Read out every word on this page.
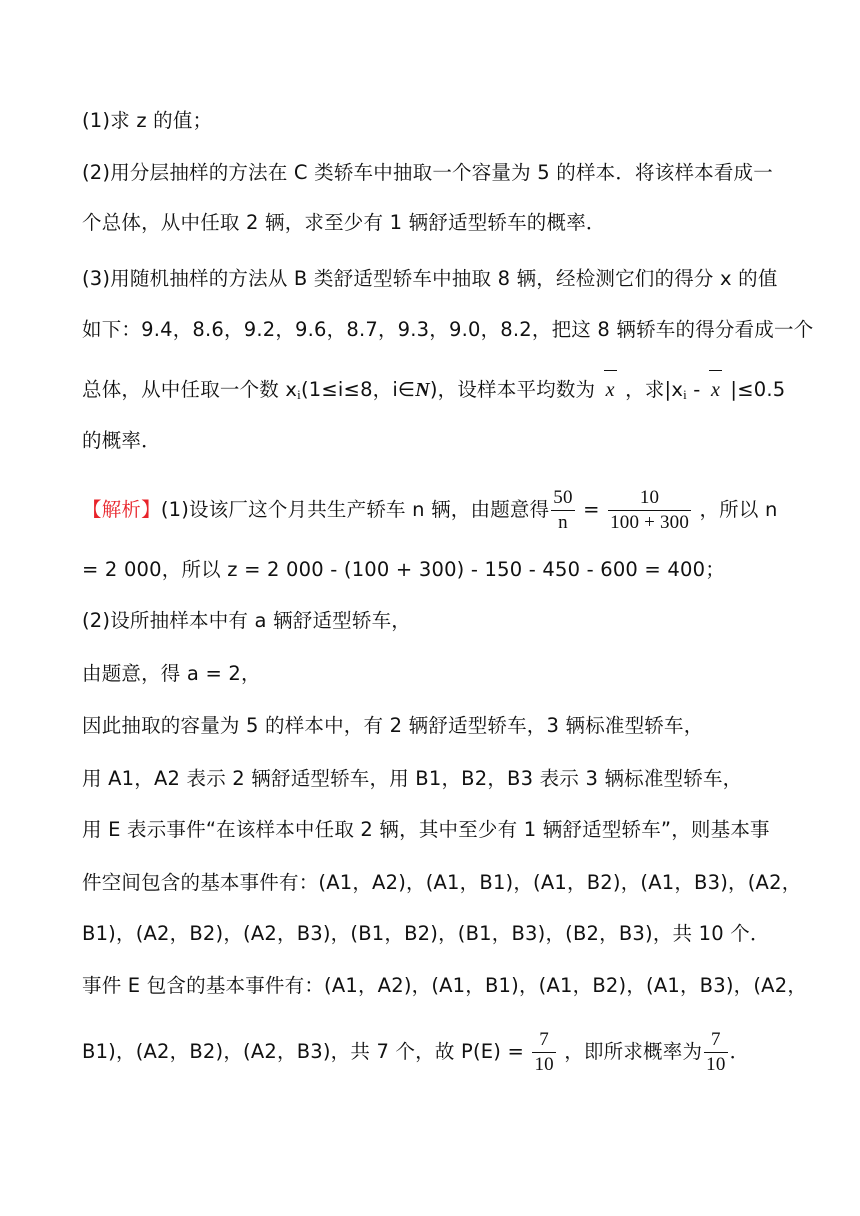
(1)求 z 的值；
(2)用分层抽样的方法在 C 类轿车中抽取一个容量为 5 的样本．将该样本看成一
个总体，从中任取 2 辆，求至少有 1 辆舒适型轿车的概率．
(3)用随机抽样的方法从 B 类舒适型轿车中抽取 8 辆，经检测它们的得分 x 的值
如下：9.4，8.6，9.2，9.6，8.7，9.3，9.0，8.2，把这 8 辆轿车的得分看成一个
总体，从中任取一个数 $x_i(1\le i\le 8$，i∈N)，设样本平均数为 x ，求$|x_i$ - x |≤0.5
的概率．
【解析】(1)设该厂这个月共生产轿车 n 辆，由题意得 $\frac{50}{n} = \frac{10}{100 + 300}$ ，所以 n
= 2 000，所以 z = 2 000 - (100 + 300) - 150 - 450 - 600 = 400；
(2)设所抽样本中有 a 辆舒适型轿车，
由题意，得 a = 2，
因此抽取的容量为 5 的样本中，有 2 辆舒适型轿车，3 辆标准型轿车，
用 A1，A2 表示 2 辆舒适型轿车，用 B1，B2，B3 表示 3 辆标准型轿车，
用 E 表示事件“在该样本中任取 2 辆，其中至少有 1 辆舒适型轿车”，则基本事
件空间包含的基本事件有：(A1，A2)，(A1，B1)，(A1，B2)，(A1，B3)，(A2，
B1)，(A2，B2)，(A2，B3)，(B1，B2)，(B1，B3)，(B2，B3)，共 10 个．
事件 E 包含的基本事件有：(A1，A2)，(A1，B1)，(A1，B2)，(A1，B3)，(A2，
B1)，(A2，B2)，(A2，B3)，共 7 个，故 $P(E) = \frac{7}{10}$ ，即所求概率为 $\frac{7}{10}$ ．
